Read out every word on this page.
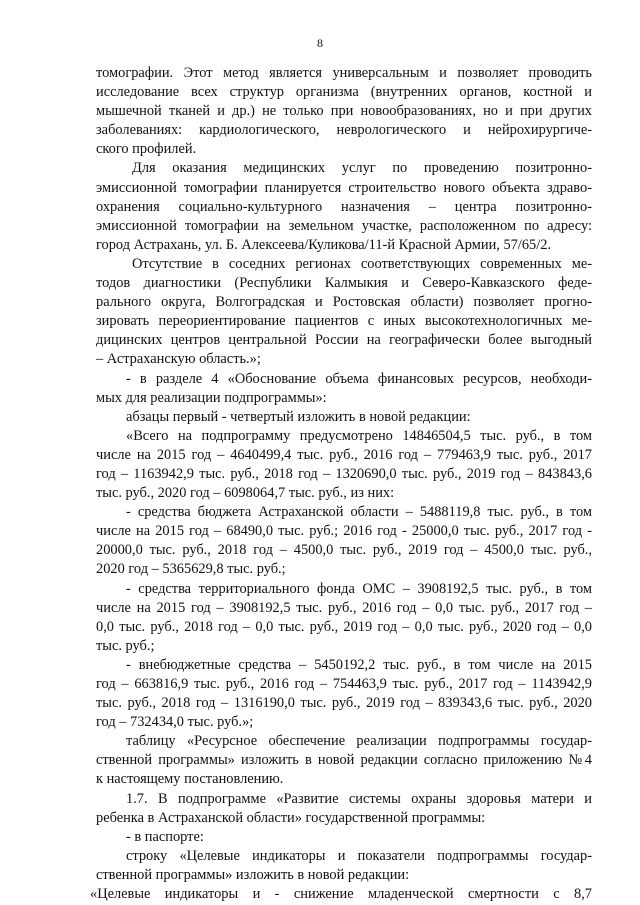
8
томографии. Этот метод является универсальным и позволяет проводить
исследование всех структур организма (внутренних органов, костной и
мышечной тканей и др.) не только при новообразованиях, но и при других
заболеваниях: кардиологического, неврологического и нейрохирургиче-
ского профилей.
Для оказания медицинских услуг по проведению позитронно-
эмиссионной томографии планируется строительство нового объекта здраво-
охранения социально-культурного назначения – центра позитронно-
эмиссионной томографии на земельном участке, расположенном по адресу:
город Астрахань, ул. Б. Алексеева/Куликова/11-й Красной Армии, 57/65/2.
Отсутствие в соседних регионах соответствующих современных ме-
тодов диагностики (Республики Калмыкия и Северо-Кавказского феде-
рального округа, Волгоградская и Ростовская области) позволяет прогно-
зировать переориентирование пациентов с иных высокотехнологичных ме-
дицинских центров центральной России на географически более выгодный
– Астраханскую область.»;
- в разделе 4 «Обоснование объема финансовых ресурсов, необходи-
мых для реализации подпрограммы»:
абзацы первый - четвертый изложить в новой редакции:
«Всего на подпрограмму предусмотрено 14846504,5 тыс. руб., в том
числе на 2015 год – 4640499,4 тыс. руб., 2016 год – 779463,9 тыс. руб., 2017
год – 1163942,9 тыс. руб., 2018 год – 1320690,0 тыс. руб., 2019 год – 843843,6
тыс. руб., 2020 год – 6098064,7 тыс. руб., из них:
- средства бюджета Астраханской области – 5488119,8 тыс. руб., в том
числе на 2015 год – 68490,0 тыс. руб.; 2016 год - 25000,0 тыс. руб., 2017 год -
20000,0 тыс. руб., 2018 год – 4500,0 тыс. руб., 2019 год – 4500,0 тыс. руб.,
2020 год – 5365629,8 тыс. руб.;
- средства территориального фонда ОМС – 3908192,5 тыс. руб., в том
числе на 2015 год – 3908192,5 тыс. руб., 2016 год – 0,0 тыс. руб., 2017 год –
0,0 тыс. руб., 2018 год – 0,0 тыс. руб., 2019 год – 0,0 тыс. руб., 2020 год – 0,0
тыс. руб.;
- внебюджетные средства – 5450192,2 тыс. руб., в том числе на 2015
год – 663816,9 тыс. руб., 2016 год – 754463,9 тыс. руб., 2017 год – 1143942,9
тыс. руб., 2018 год – 1316190,0 тыс. руб., 2019 год – 839343,6 тыс. руб., 2020
год – 732434,0 тыс. руб.»;
таблицу «Ресурсное обеспечение реализации подпрограммы государ-
ственной программы» изложить в новой редакции согласно приложению №4
к настоящему постановлению.
1.7. В подпрограмме «Развитие системы охраны здоровья матери и
ребенка в Астраханской области» государственной программы:
- в паспорте:
строку «Целевые индикаторы и показатели подпрограммы государ-
ственной программы» изложить в новой редакции:
«Целевые индикаторы и - снижение младенческой смертности с 8,7
